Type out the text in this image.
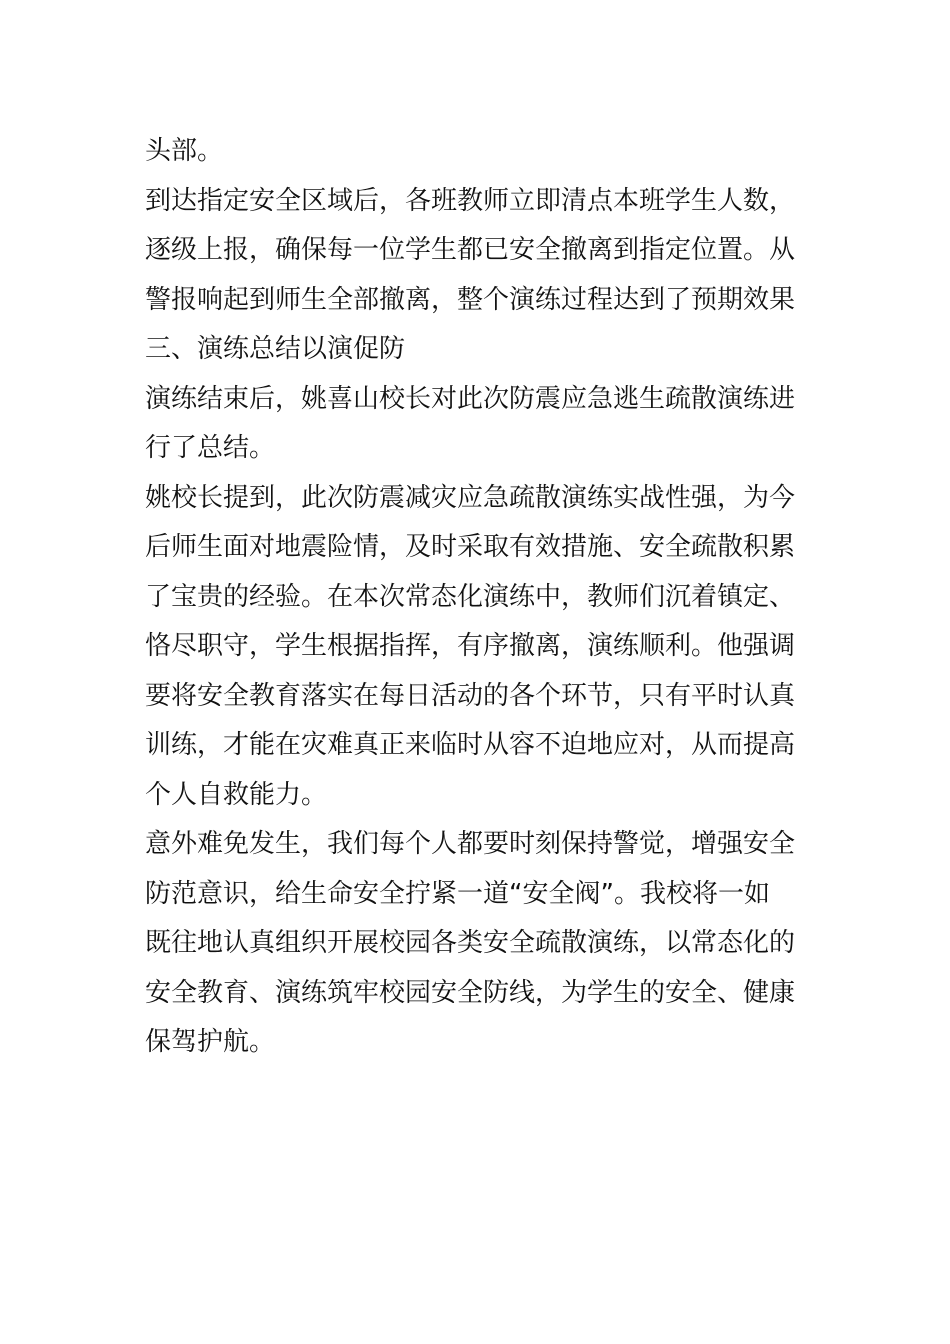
头部。
到达指定安全区域后，各班教师立即清点本班学生人数，
逐级上报，确保每一位学生都已安全撤离到指定位置。从
警报响起到师生全部撤离，整个演练过程达到了预期效果
三、演练总结以演促防
演练结束后，姚喜山校长对此次防震应急逃生疏散演练进
行了总结。
姚校长提到，此次防震减灾应急疏散演练实战性强，为今
后师生面对地震险情，及时采取有效措施、安全疏散积累
了宝贵的经验。在本次常态化演练中，教师们沉着镇定、
恪尽职守，学生根据指挥，有序撤离，演练顺利。他强调
要将安全教育落实在每日活动的各个环节，只有平时认真
训练，才能在灾难真正来临时从容不迫地应对，从而提高
个人自救能力。
意外难免发生，我们每个人都要时刻保持警觉，增强安全
防范意识，给生命安全拧紧一道“安全阀”。我校将一如
既往地认真组织开展校园各类安全疏散演练，以常态化的
安全教育、演练筑牢校园安全防线，为学生的安全、健康
保驾护航。
